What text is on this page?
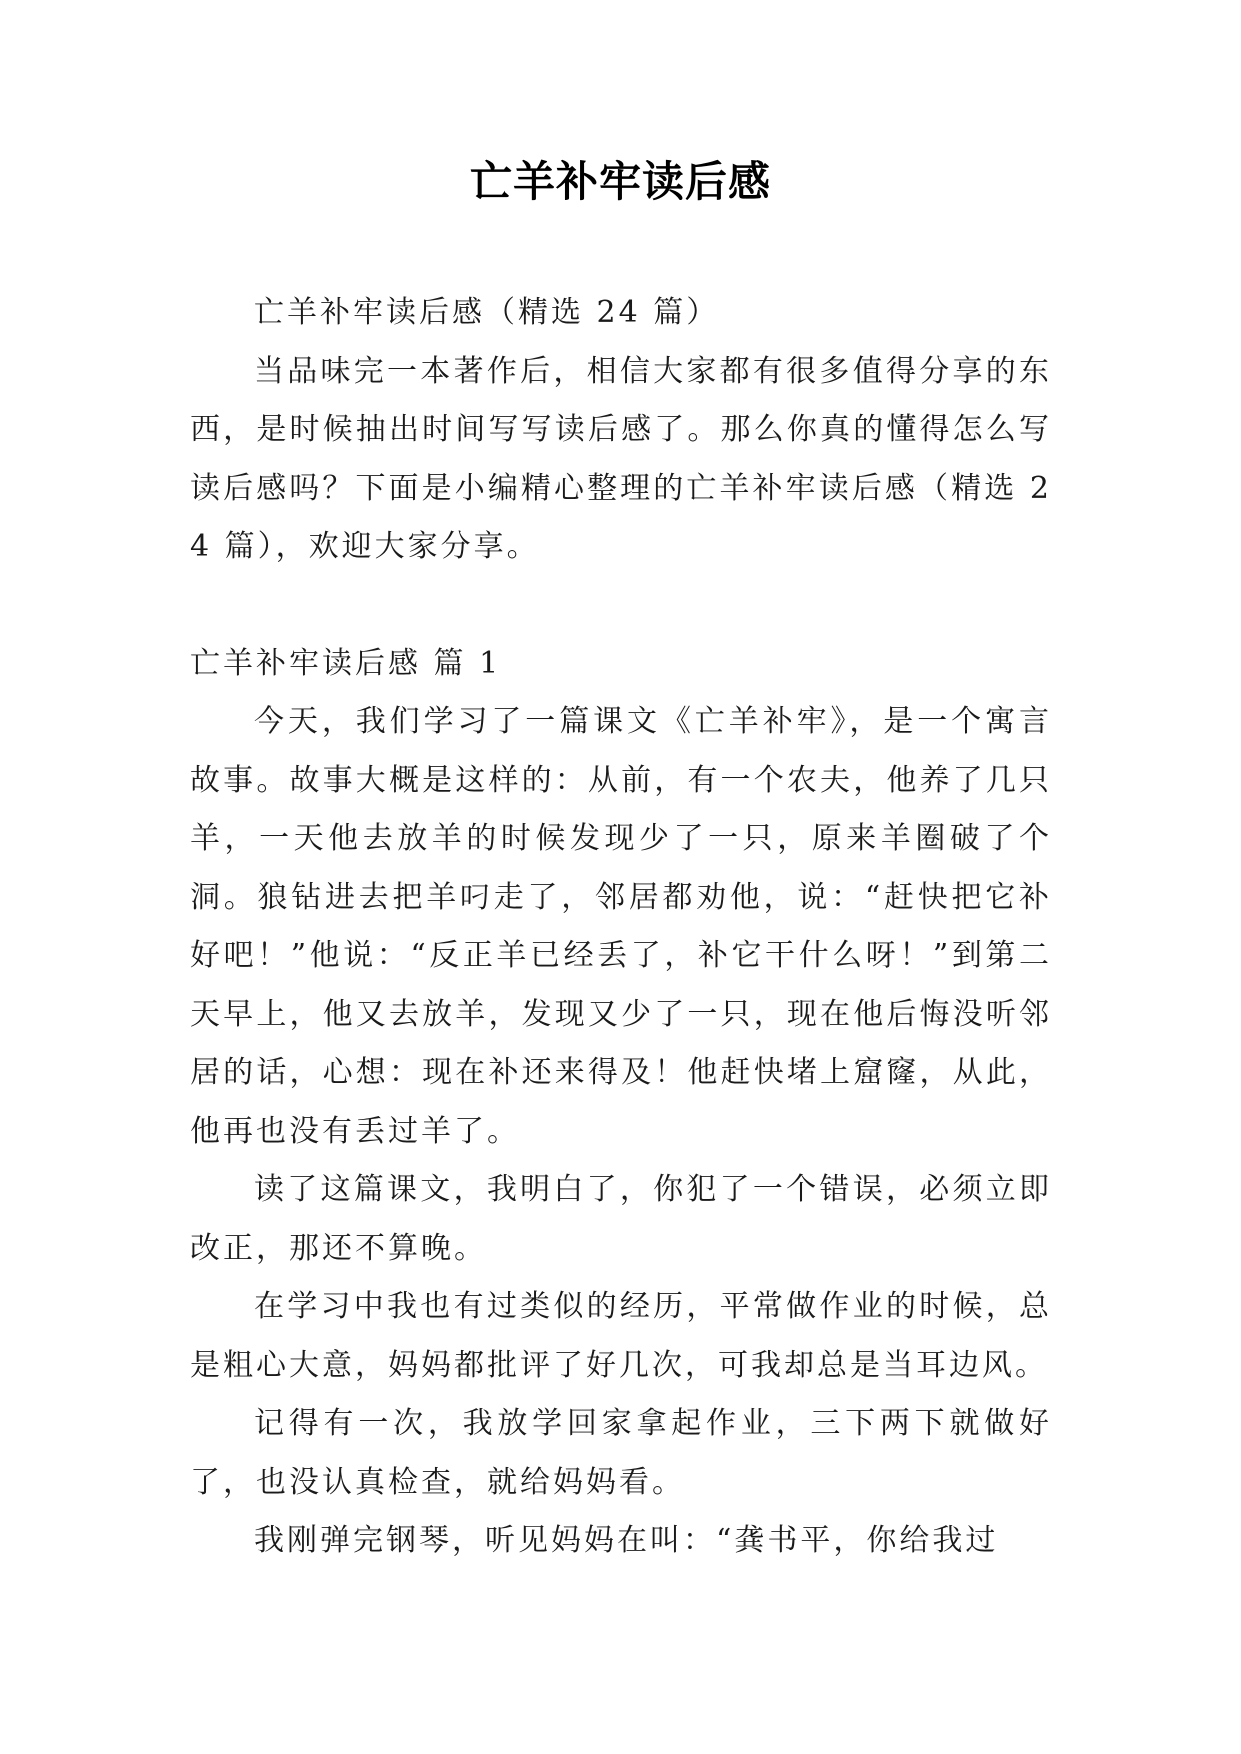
亡羊补牢读后感

亡羊补牢读后感（精选 24 篇）

当品味完一本著作后，相信大家都有很多值得分享的东西，是时候抽出时间写写读后感了。那么你真的懂得怎么写读后感吗？下面是小编精心整理的亡羊补牢读后感（精选 24 篇），欢迎大家分享。

亡羊补牢读后感 篇 1

今天，我们学习了一篇课文《亡羊补牢》，是一个寓言故事。故事大概是这样的：从前，有一个农夫，他养了几只羊，一天他去放羊的时候发现少了一只，原来羊圈破了个洞。狼钻进去把羊叼走了，邻居都劝他，说：“赶快把它补好吧！”他说：“反正羊已经丢了，补它干什么呀！”到第二天早上，他又去放羊，发现又少了一只，现在他后悔没听邻居的话，心想：现在补还来得及！他赶快堵上窟窿，从此，他再也没有丢过羊了。

读了这篇课文，我明白了，你犯了一个错误，必须立即改正，那还不算晚。

在学习中我也有过类似的经历，平常做作业的时候，总是粗心大意，妈妈都批评了好几次，可我却总是当耳边风。

记得有一次，我放学回家拿起作业，三下两下就做好了，也没认真检查，就给妈妈看。

我刚弹完钢琴，听见妈妈在叫：“龚书平，你给我过
